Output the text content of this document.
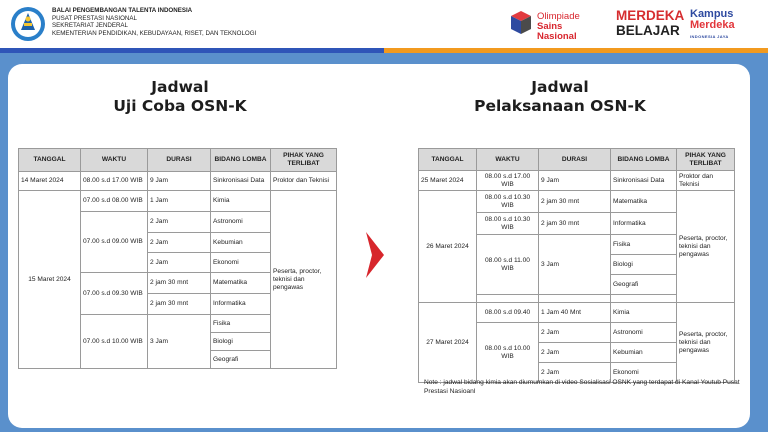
BALAI PENGEMBANGAN TALENTA INDONESIA
PUSAT PRESTASI NASIONAL
SEKRETARIAT JENDERAL
KEMENTERIAN PENDIDIKAN, KEBUDAYAAN, RISET, DAN TEKNOLOGI
Olimpiade
Sains
Nasional
MERDEKA
BELAJAR
Kampus
Merdeka
INDONESIA JAYA
Jadwal
Uji Coba OSN-K
TANGGAL	WAKTU	DURASI	BIDANG LOMBA	PIHAK YANG TERLIBAT
14 Maret 2024	08.00 s.d 17.00 WIB	9 Jam	Sinkronisasi Data	Proktor dan Teknisi
15 Maret 2024	07.00 s.d 08.00 WIB	1 Jam	Kimia	Peserta, proctor, teknisi dan pengawas
	07.00 s.d 09.00 WIB	2 Jam	Astronomi	
		2 Jam	Kebumian	
		2 Jam	Ekonomi	
	07.00 s.d 09.30 WIB	2 jam 30 mnt	Matematika	
		2 jam 30 mnt	Informatika	
	07.00 s.d 10.00 WIB	3 Jam	Fisika	
			Biologi	
			Geografi	
Jadwal
Pelaksanaan OSN-K
TANGGAL	WAKTU	DURASI	BIDANG LOMBA	PIHAK YANG TERLIBAT
25 Maret 2024	08.00 s.d 17.00 WIB	9 Jam	Sinkronisasi Data	Proktor dan Teknisi
26 Maret 2024	08.00 s.d 10.30 WIB	2 jam 30 mnt	Matematika	Peserta, proctor, teknisi dan pengawas
	08.00 s.d 10.30 WIB	2 jam 30 mnt	Informatika	
	08.00 s.d 11.00 WIB	3 Jam	Fisika	
			Biologi	
			Geografi	

27 Maret 2024	08.00 s.d 09.40	1 Jam 40 Mnt	Kimia	Peserta, proctor, teknisi dan pengawas
	08.00 s.d 10.00 WIB	2 Jam	Astronomi	
		2 Jam	Kebumian	
		2 Jam	Ekonomi	
Note : jadwal bidang kimia akan diumumkan di video Sosialisasi OSNK yang terdapat di Kanal Youtub Pusat Prestasi Nasioanl
